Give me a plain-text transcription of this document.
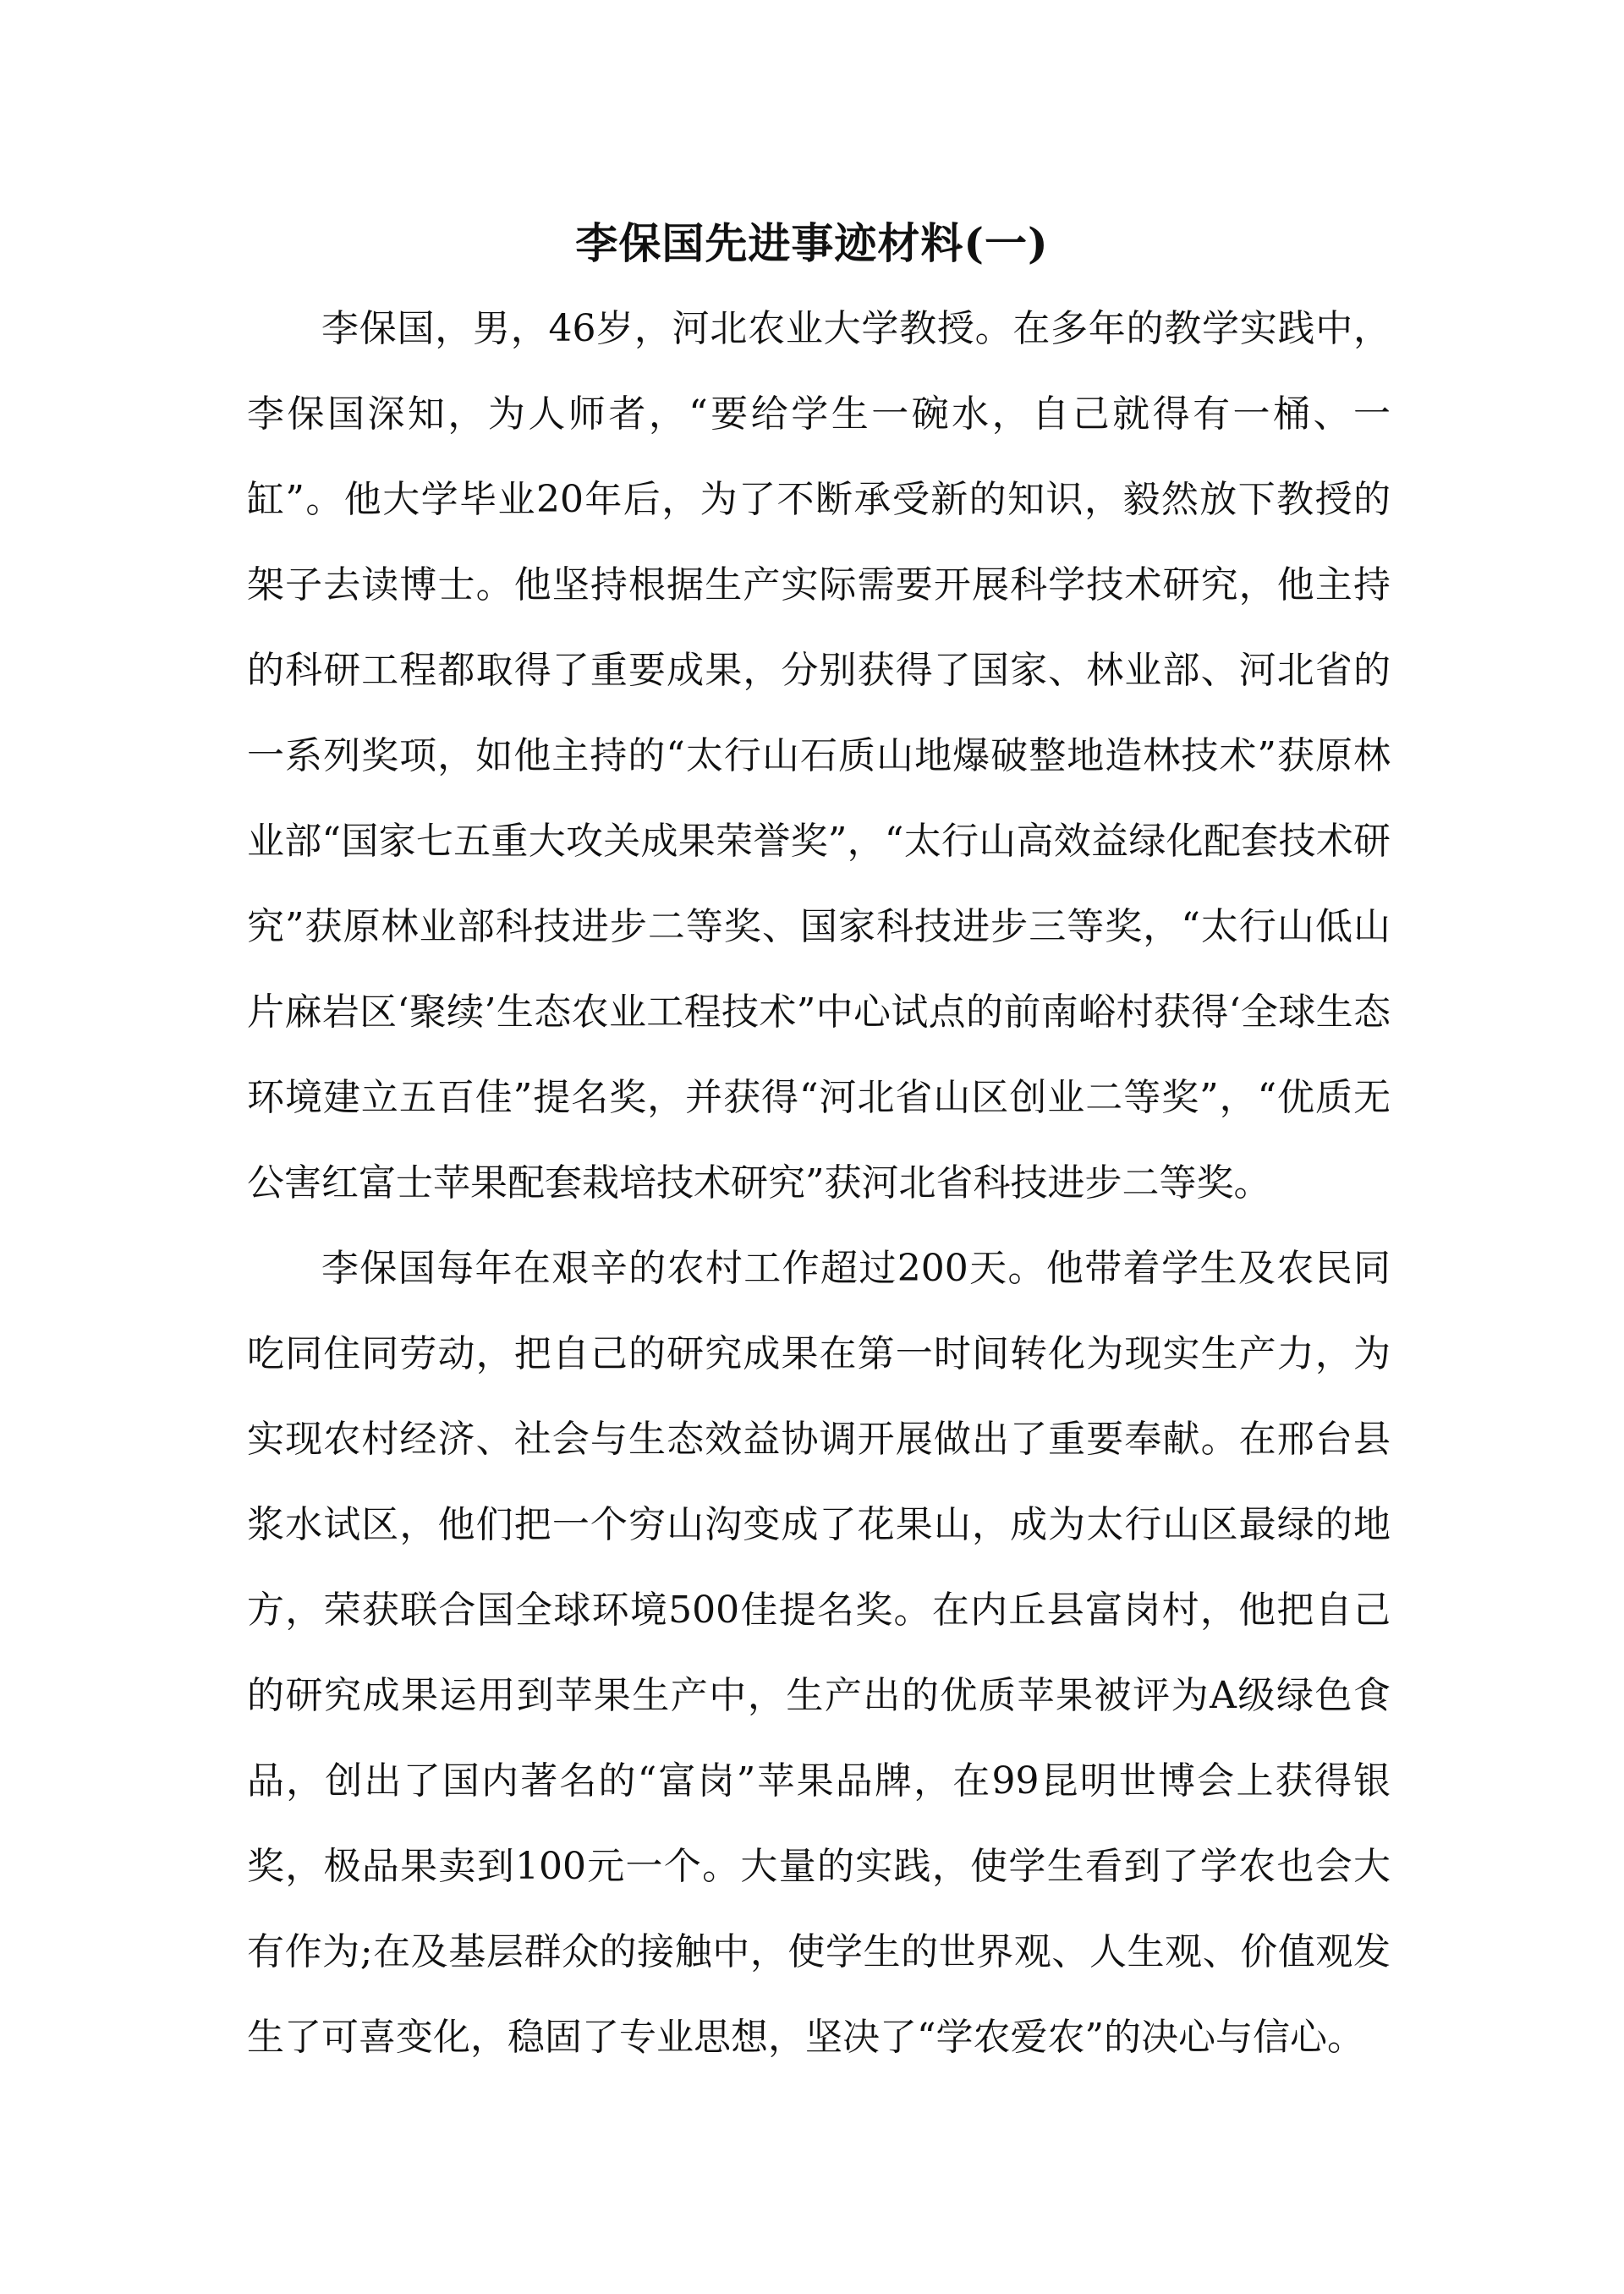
李保国先进事迹材料(一)

李保国，男，46岁，河北农业大学教授。在多年的教学实践中，李保国深知，为人师者，“要给学生一碗水，自己就得有一桶、一缸”。他大学毕业20年后，为了不断承受新的知识，毅然放下教授的架子去读博士。他坚持根据生产实际需要开展科学技术研究，他主持的科研工程都取得了重要成果，分别获得了国家、林业部、河北省的一系列奖项，如他主持的“太行山石质山地爆破整地造林技术”获原林业部“国家七五重大攻关成果荣誉奖”，“太行山高效益绿化配套技术研究”获原林业部科技进步二等奖、国家科技进步三等奖，“太行山低山片麻岩区‘聚续’生态农业工程技术”中心试点的前南峪村获得‘全球生态环境建立五百佳”提名奖，并获得“河北省山区创业二等奖”，“优质无公害红富士苹果配套栽培技术研究”获河北省科技进步二等奖。

李保国每年在艰辛的农村工作超过200天。他带着学生及农民同吃同住同劳动，把自己的研究成果在第一时间转化为现实生产力，为实现农村经济、社会与生态效益协调开展做出了重要奉献。在邢台县浆水试区，他们把一个穷山沟变成了花果山，成为太行山区最绿的地方，荣获联合国全球环境500佳提名奖。在内丘县富岗村，他把自己的研究成果运用到苹果生产中，生产出的优质苹果被评为A级绿色食品，创出了国内著名的“富岗”苹果品牌，在99昆明世博会上获得银奖，极品果卖到100元一个。大量的实践，使学生看到了学农也会大有作为;在及基层群众的接触中，使学生的世界观、人生观、价值观发生了可喜变化，稳固了专业思想，坚决了“学农爱农”的决心与信心。
